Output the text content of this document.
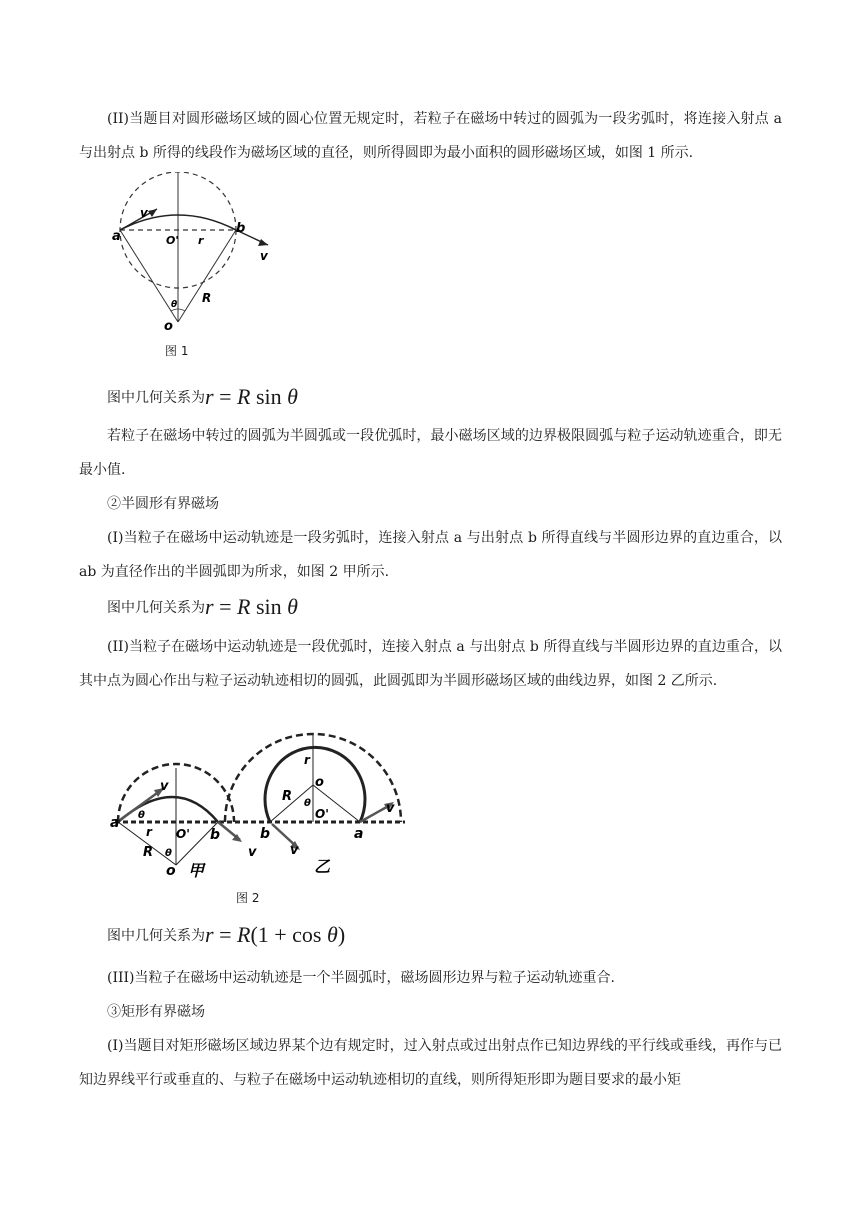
(II)当题目对圆形磁场区域的圆心位置无规定时，若粒子在磁场中转过的圆弧为一段劣弧时，将连接入射点 a 与出射点 b 所得的线段作为磁场区域的直径，则所得圆即为最小面积的圆形磁场区域，如图 1 所示.

a
b
v
v
O' r
R
θ
o
图 1
图中几何关系为r = R sin θ

若粒子在磁场中转过的圆弧为半圆弧或一段优弧时，最小磁场区域的边界极限圆弧与粒子运动轨迹重合，即无最小值.

②半圆形有界磁场

(I)当粒子在磁场中运动轨迹是一段劣弧时，连接入射点 a 与出射点 b 所得直线与半圆形边界的直边重合，以 ab 为直径作出的半圆弧即为所求，如图 2 甲所示.

图中几何关系为r = R sin θ

(II)当粒子在磁场中运动轨迹是一段优弧时，连接入射点 a 与出射点 b 所得直线与半圆形边界的直边重合，以其中点为圆心作出与粒子运动轨迹相切的圆弧，此圆弧即为半圆形磁场区域的曲线边界，如图 2 乙所示.

a
b
v
θ
O'
r
R θ
o
v
甲
b	a
r
o
R θ
O'	v
v
乙
图 2
图中几何关系为r = R(1 + cos θ)

(III)当粒子在磁场中运动轨迹是一个半圆弧时，磁场圆形边界与粒子运动轨迹重合.

③矩形有界磁场

(I)当题目对矩形磁场区域边界某个边有规定时，过入射点或过出射点作已知边界线的平行线或垂线，再作与已知边界线平行或垂直的、与粒子在磁场中运动轨迹相切的直线，则所得矩形即为题目要求的最小矩
